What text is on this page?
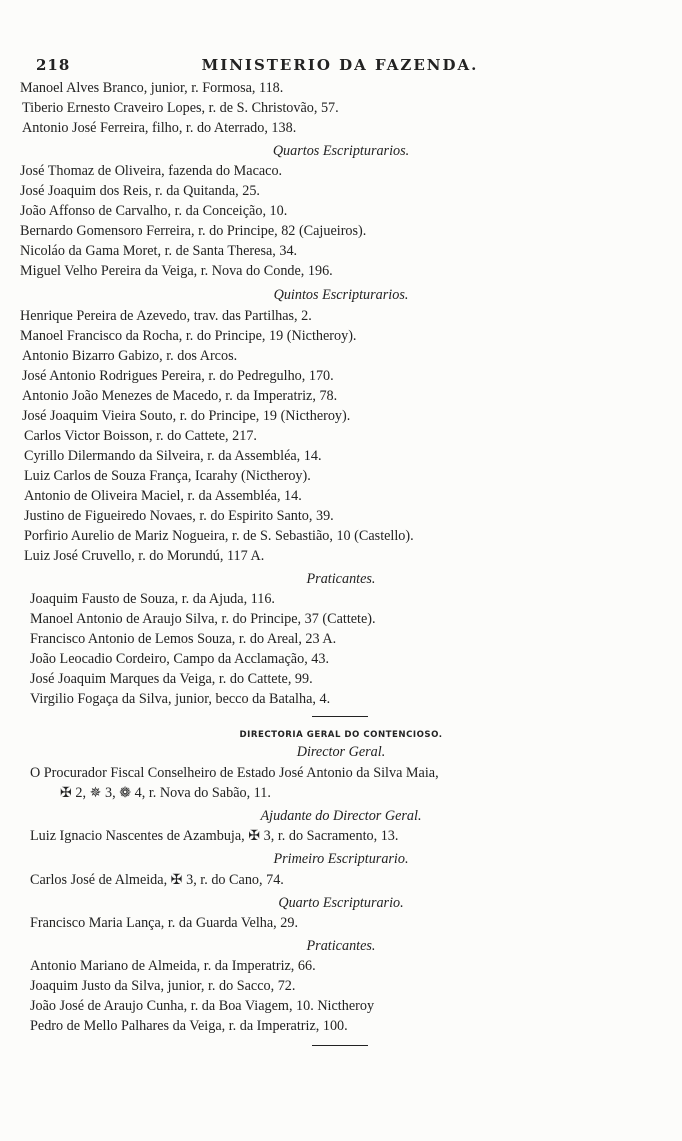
218	MINISTERIO DA FAZENDA.
Manoel Alves Branco, junior, r. Formosa, 118.
Tiberio Ernesto Craveiro Lopes, r. de S. Christovão, 57.
Antonio José Ferreira, filho, r. do Aterrado, 138.
Quartos Escripturarios.
José Thomaz de Oliveira, fazenda do Macaco.
José Joaquim dos Reis, r. da Quitanda, 25.
João Affonso de Carvalho, r. da Conceição, 10.
Bernardo Gomensoro Ferreira, r. do Principe, 82 (Cajueiros).
Nicoláo da Gama Moret, r. de Santa Theresa, 34.
Miguel Velho Pereira da Veiga, r. Nova do Conde, 196.
Quintos Escripturarios.
Henrique Pereira de Azevedo, trav. das Partilhas, 2.
Manoel Francisco da Rocha, r. do Principe, 19 (Nictheroy).
Antonio Bizarro Gabizo, r. dos Arcos.
José Antonio Rodrigues Pereira, r. do Pedregulho, 170.
Antonio João Menezes de Macedo, r. da Imperatriz, 78.
José Joaquim Vieira Souto, r. do Principe, 19 (Nictheroy).
Carlos Victor Boisson, r. do Cattete, 217.
Cyrillo Dilermando da Silveira, r. da Assembléa, 14.
Luiz Carlos de Souza França, Icarahy (Nictheroy).
Antonio de Oliveira Maciel, r. da Assembléa, 14.
Justino de Figueiredo Novaes, r. do Espirito Santo, 39.
Porfirio Aurelio de Mariz Nogueira, r. de S. Sebastião, 10 (Castello).
Luiz José Cruvello, r. do Morundú, 117 A.
Praticantes.
Joaquim Fausto de Souza, r. da Ajuda, 116.
Manoel Antonio de Araujo Silva, r. do Principe, 37 (Cattete).
Francisco Antonio de Lemos Souza, r. do Areal, 23 A.
João Leocadio Cordeiro, Campo da Acclamação, 43.
José Joaquim Marques da Veiga, r. do Cattete, 99.
Virgilio Fogaça da Silva, junior, becco da Batalha, 4.
DIRECTORIA GERAL DO CONTENCIOSO.
Director Geral.
O Procurador Fiscal Conselheiro de Estado José Antonio da Silva Maia,
✠ 2, ✵ 3, ❁ 4, r. Nova do Sabão, 11.
Ajudante do Director Geral.
Luiz Ignacio Nascentes de Azambuja, ✠ 3, r. do Sacramento, 13.
Primeiro Escripturario.
Carlos José de Almeida, ✠ 3, r. do Cano, 74.
Quarto Escripturario.
Francisco Maria Lança, r. da Guarda Velha, 29.
Praticantes.
Antonio Mariano de Almeida, r. da Imperatriz, 66.
Joaquim Justo da Silva, junior, r. do Sacco, 72.
João José de Araujo Cunha, r. da Boa Viagem, 10. Nictheroy
Pedro de Mello Palhares da Veiga, r. da Imperatriz, 100.
